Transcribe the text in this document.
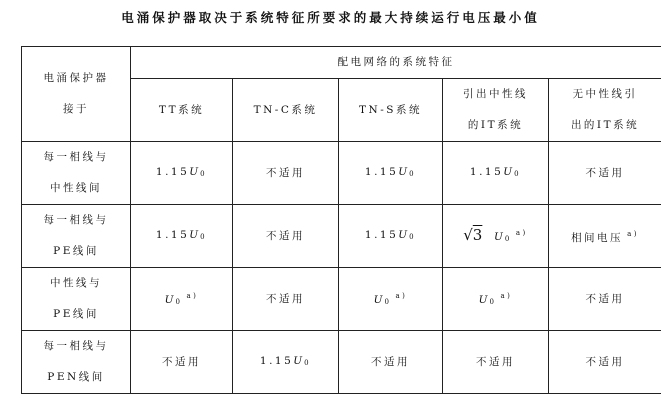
电涌保护器取决于系统特征所要求的最大持续运行电压最小值
电涌保护器
接于	配电网络的系统特征				

	TT系统	TN-C系统	TN-S系统	引出中性线
的IT系统	无中性线引
出的IT系统

每一相线与
中性线间	1.15U0	不适用	1.15U0	1.15U0	不适用

每一相线与
PE线间	1.15U0	不适用	1.15U0	√3 U0$^{a)}$	相间电压 $^{a)}$

中性线与
PE线间	U0$^{a)}$	不适用	U0$^{a)}$	U0$^{a)}$	不适用

每一相线与
PEN线间	不适用	1.15U0	不适用	不适用	不适用
